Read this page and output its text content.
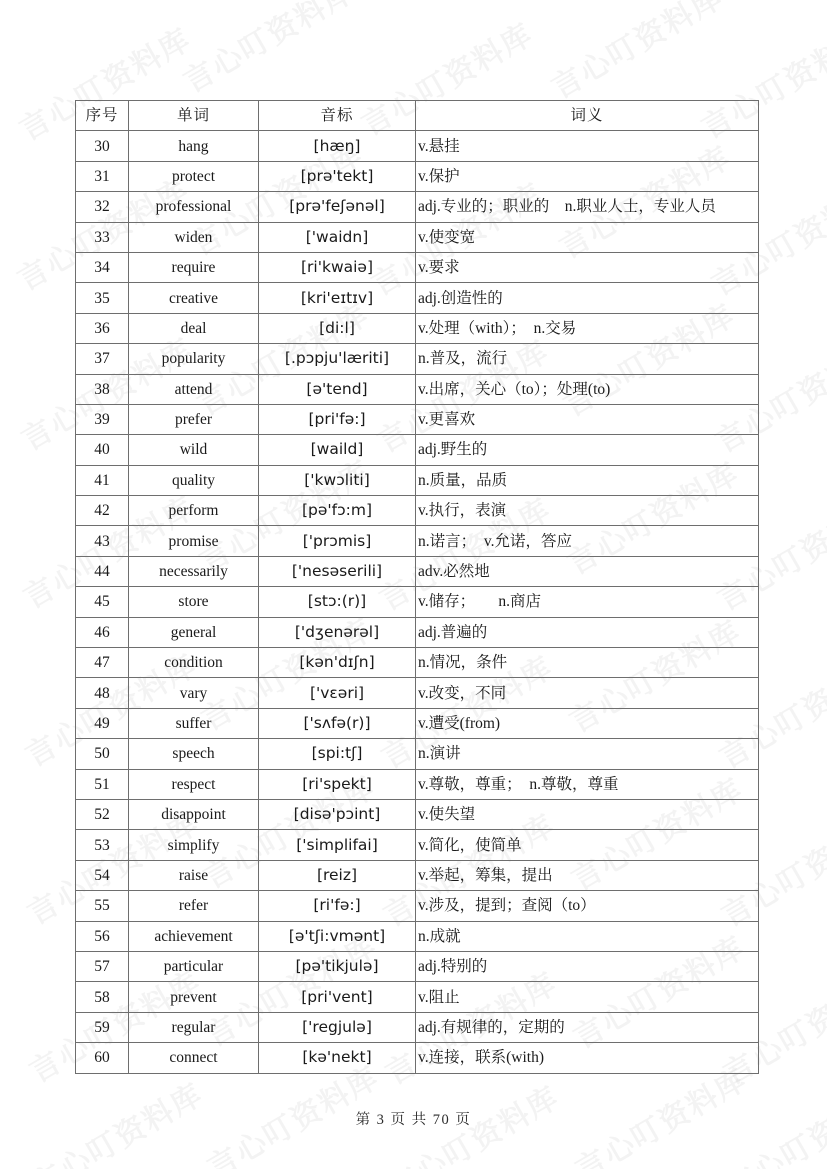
序号	单词	音标	词义
30	hang	[hæŋ]	v.悬挂
31	protect	[prə'tekt]	v.保护
32	professional	[prə'feʃənəl]	adj.专业的；职业的　n.职业人士，专业人员
33	widen	['waidn]	v.使变宽
34	require	[ri'kwaiə]	v.要求
35	creative	[kri'eɪtɪv]	adj.创造性的
36	deal	[di:l]	v.处理（with）；　n.交易
37	popularity	[.pɔpju'læriti]	n.普及，流行
38	attend	[ə'tend]	v.出席，关心（to）；处理(to)
39	prefer	[pri'fə:]	v.更喜欢
40	wild	[waild]	adj.野生的
41	quality	['kwɔliti]	n.质量，品质
42	perform	[pə'fɔ:m]	v.执行，表演
43	promise	['prɔmis]	n.诺言；　v.允诺，答应
44	necessarily	['nesəserili]	adv.必然地
45	store	[stɔ:(r)]	v.储存；　　n.商店
46	general	['dʒenərəl]	adj.普遍的
47	condition	[kən'dɪʃn]	n.情况，条件
48	vary	['vɛəri]	v.改变，不同
49	suffer	['sʌfə(r)]	v.遭受(from)
50	speech	[spi:tʃ]	n.演讲
51	respect	[ri'spekt]	v.尊敬，尊重；　n.尊敬，尊重
52	disappoint	[disə'pɔint]	v.使失望
53	simplify	['simplifai]	v.简化，使简单
54	raise	[reiz]	v.举起，筹集，提出
55	refer	[ri'fə:]	v.涉及，提到；查阅（to）
56	achievement	[ə'tʃi:vmənt]	n.成就
57	particular	[pə'tikjulə]	adj.特别的
58	prevent	[pri'vent]	v.阻止
59	regular	['regjulə]	adj.有规律的，定期的
60	connect	[kə'nekt]	v.连接，联系(with)
第 3 页 共 70 页
